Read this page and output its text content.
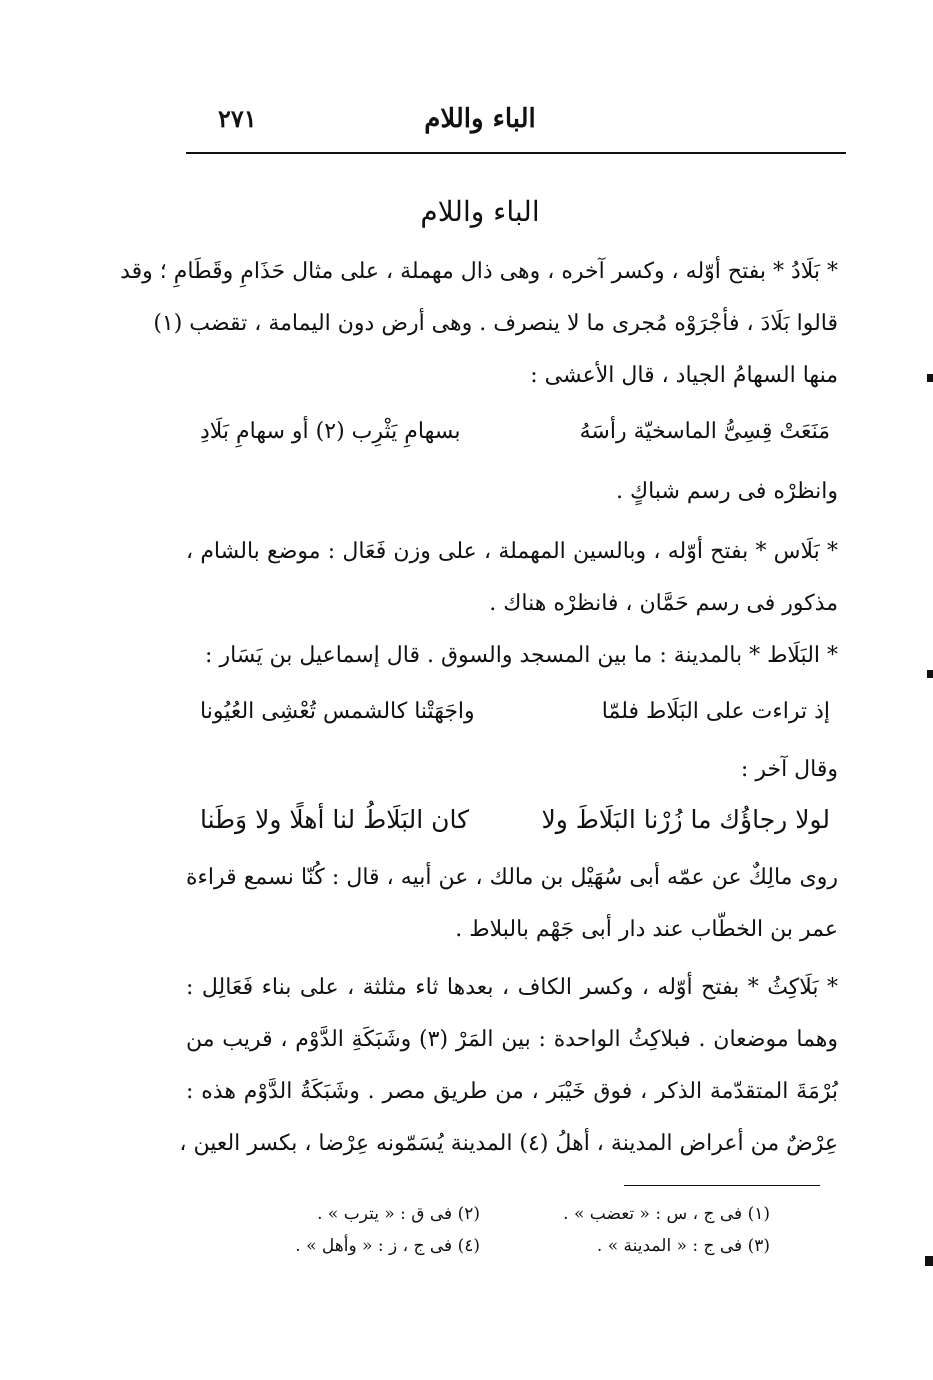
الباء واللام
٢٧١
الباء واللام
* بَلَادُ * بفتح أوّله ، وكسر آخره ، وهى ذال مهملة ، على مثال حَذَامِ وقَطَامِ ؛ وقد
قالوا بَلَادَ ، فأجْرَوْه مُجرى ما لا ينصرف . وهى أرض دون اليمامة ، تقضب (١)
منها السهامُ الجياد ، قال الأعشى :
مَنَعَتْ قِسِىُّ الماسخيّة رأسَهُ
بسهامِ يَثْرِب (٢) أو سهامِ بَلَادِ
وانظرْه فى رسم شباكٍ .
* بَلَاس * بفتح أوّله ، وبالسين المهملة ، على وزن فَعَال : موضع بالشام ،
مذكور فى رسم حَمَّان ، فانظرْه هناك .
* البَلَاط * بالمدينة : ما بين المسجد والسوق . قال إسماعيل بن يَسَار :
إذ تراءت على البَلَاط فلمّا
واجَهَتْنا كالشمس تُعْشِى العُيُونا
وقال آخر :
لولا رجاؤُك ما زُرْنا البَلَاطَ ولا
كان البَلَاطُ لنا أهلًا ولا وَطَنا
روى مالِكٌ عن عمّه أبى سُهَيْل بن مالك ، عن أبيه ، قال : كُنّا نسمع قراءة
عمر بن الخطّاب عند دار أبى جَهْم بالبلاط .
* بَلَاكِثُ * بفتح أوّله ، وكسر الكاف ، بعدها ثاء مثلثة ، على بناء فَعَالِل :
وهما موضعان . فبلاكِثُ الواحدة : بين المَرْ (٣) وشَبَكَةِ الدَّوْم ، قريب من
بُرْمَةَ المتقدّمة الذكر ، فوق خَيْبَر ، من طريق مصر . وشَبَكَةُ الدَّوْم هذه :
عِرْضٌ من أعراض المدينة ، أهلُ (٤) المدينة يُسَمّونه عِرْضا ، بكسر العين ،
(١) فى ج ، س : « تعضب » .
(٢) فى ق : « يترب » .
(٣) فى ج : « المدينة » .
(٤) فى ج ، ز : « وأهل » .
